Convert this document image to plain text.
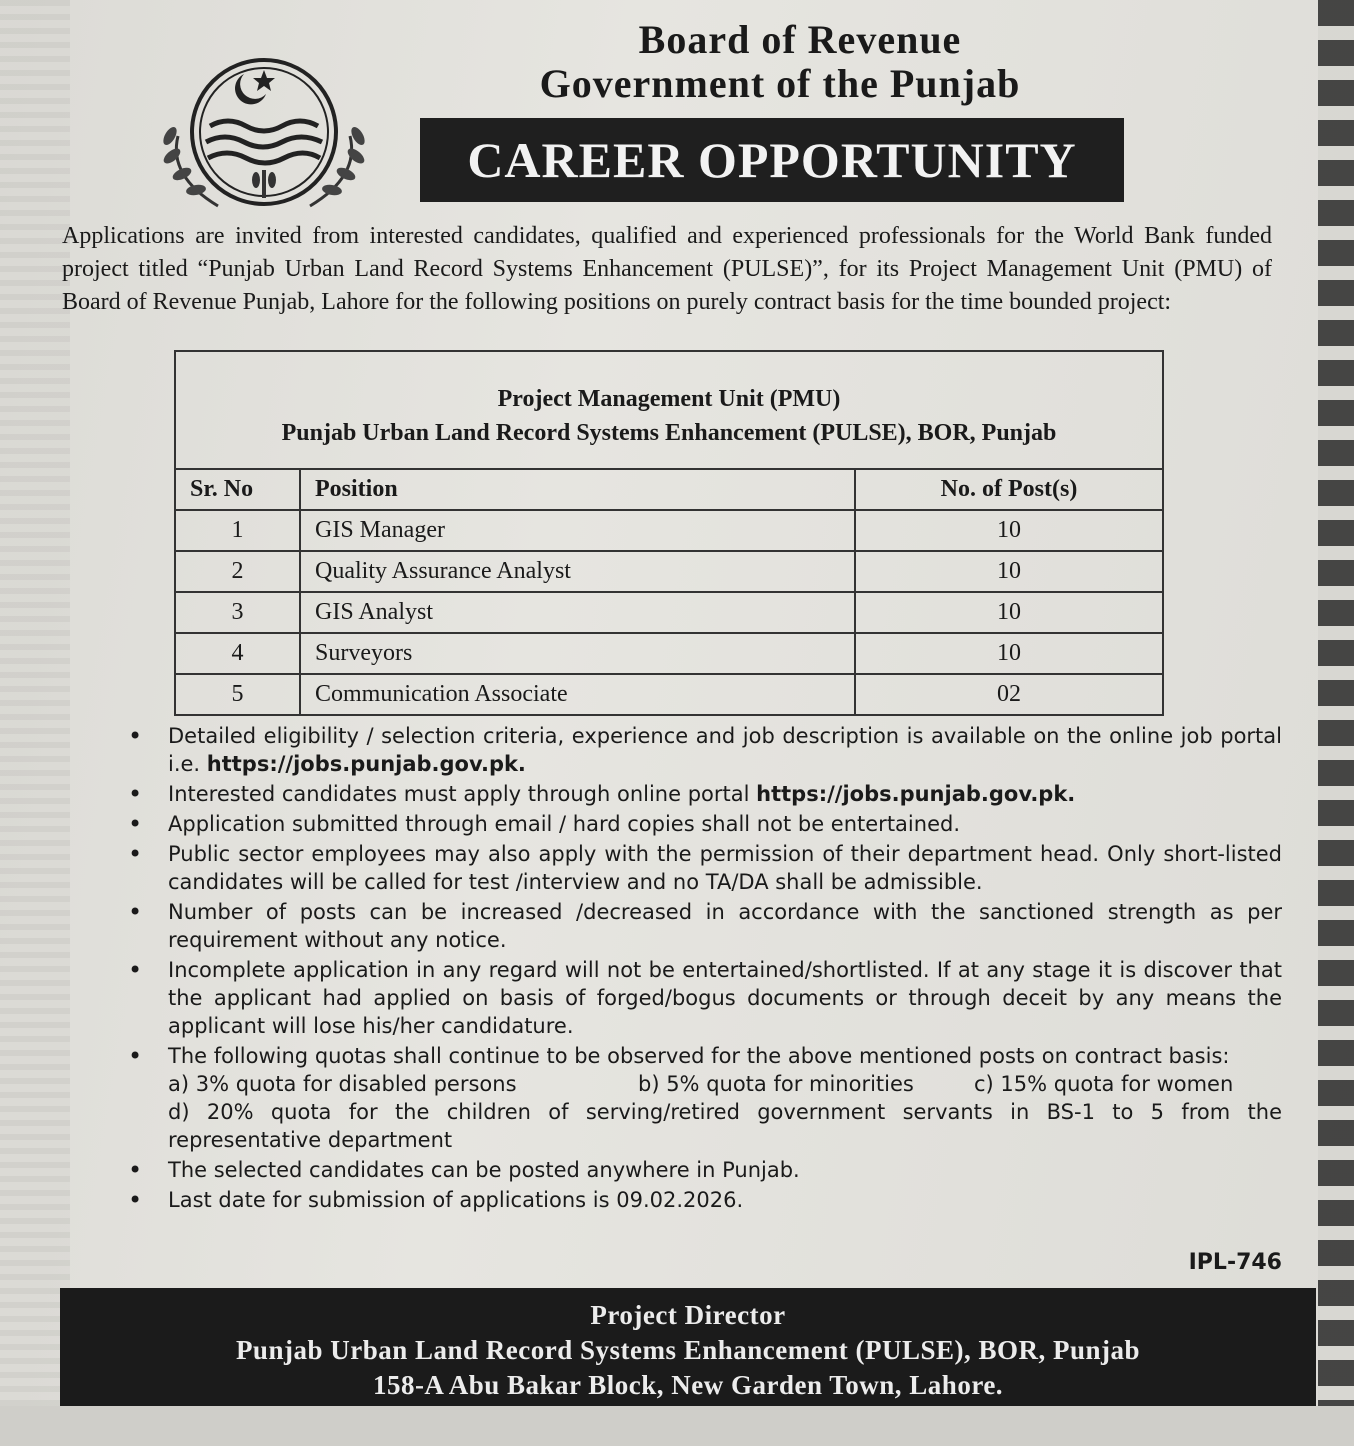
Board of Revenue
Government of the Punjab
CAREER OPPORTUNITY
Applications are invited from interested candidates, qualified and experienced professionals for the World Bank funded project titled “Punjab Urban Land Record Systems Enhancement (PULSE)”, for its Project Management Unit (PMU) of Board of Revenue Punjab, Lahore for the following positions on purely contract basis for the time bounded project:
Project Management Unit (PMU)
Punjab Urban Land Record Systems Enhancement (PULSE), BOR, Punjab		

Sr. No	Position	No. of Post(s)
1	GIS Manager	10
2	Quality Assurance Analyst	10
3	GIS Analyst	10
4	Surveyors	10
5	Communication Associate	02
• Detailed eligibility / selection criteria, experience and job description is available on the online job portal i.e. https://jobs.punjab.gov.pk.
• Interested candidates must apply through online portal https://jobs.punjab.gov.pk.
• Application submitted through email / hard copies shall not be entertained.
• Public sector employees may also apply with the permission of their department head. Only short-listed candidates will be called for test /interview and no TA/DA shall be admissible.
• Number of posts can be increased /decreased in accordance with the sanctioned strength as per requirement without any notice.
• Incomplete application in any regard will not be entertained/shortlisted. If at any stage it is discover that the applicant had applied on basis of forged/bogus documents or through deceit by any means the applicant will lose his/her candidature.
• The following quotas shall continue to be observed for the above mentioned posts on contract basis:
a) 3% quota for disabled persons	b) 5% quota for minorities	c) 15% quota for women
d) 20% quota for the children of serving/retired government servants in BS-1 to 5 from the representative department
• The selected candidates can be posted anywhere in Punjab.
• Last date for submission of applications is 09.02.2026.
IPL-746
Project Director
Punjab Urban Land Record Systems Enhancement (PULSE), BOR, Punjab
158-A Abu Bakar Block, New Garden Town, Lahore.
